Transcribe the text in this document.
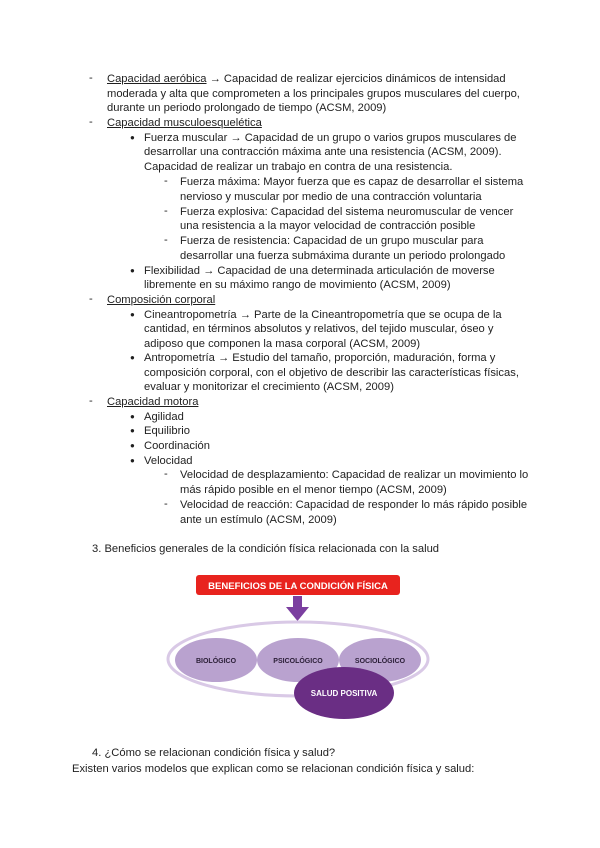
- Capacidad aeróbica → Capacidad de realizar ejercicios dinámicos de intensidad
moderada y alta que comprometen a los principales grupos musculares del cuerpo,
durante un periodo prolongado de tiempo (ACSM, 2009)
- Capacidad musculoesquelética
● Fuerza muscular → Capacidad de un grupo o varios grupos musculares de
desarrollar una contracción máxima ante una resistencia (ACSM, 2009).
Capacidad de realizar un trabajo en contra de una resistencia.
- Fuerza máxima: Mayor fuerza que es capaz de desarrollar el sistema
nervioso y muscular por medio de una contracción voluntaria
- Fuerza explosiva: Capacidad del sistema neuromuscular de vencer
una resistencia a la mayor velocidad de contracción posible
- Fuerza de resistencia: Capacidad de un grupo muscular para
desarrollar una fuerza submáxima durante un periodo prolongado
● Flexibilidad → Capacidad de una determinada articulación de moverse
libremente en su máximo rango de movimiento (ACSM, 2009)
- Composición corporal
● Cineantropometría → Parte de la Cineantropometría que se ocupa de la
cantidad, en términos absolutos y relativos, del tejido muscular, óseo y
adiposo que componen la masa corporal (ACSM, 2009)
● Antropometría → Estudio del tamaño, proporción, maduración, forma y
composición corporal, con el objetivo de describir las características físicas,
evaluar y monitorizar el crecimiento (ACSM, 2009)
- Capacidad motora
● Agilidad
● Equilibrio
● Coordinación
● Velocidad
- Velocidad de desplazamiento: Capacidad de realizar un movimiento lo
más rápido posible en el menor tiempo (ACSM, 2009)
- Velocidad de reacción: Capacidad de responder lo más rápido posible
ante un estímulo (ACSM, 2009)
3. Beneficios generales de la condición física relacionada con la salud
BENEFICIOS DE LA CONDICIÓN FÍSICA
BIOLÓGICO	PSICOLÓGICO	SOCIOLÓGICO
SALUD POSITIVA
4. ¿Cómo se relacionan condición física y salud?
Existen varios modelos que explican como se relacionan condición física y salud:
